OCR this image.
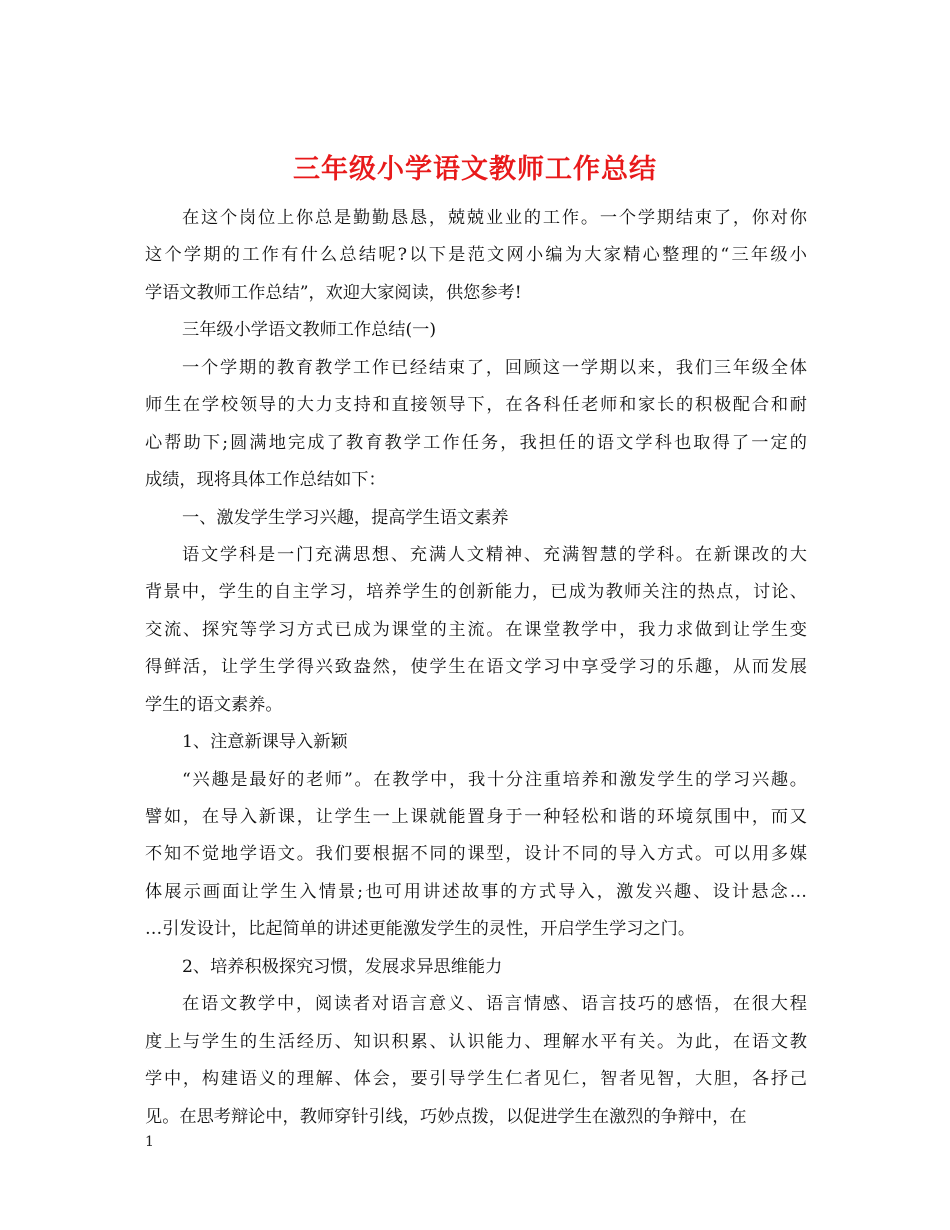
三年级小学语文教师工作总结
在这个岗位上你总是勤勤恳恳，兢兢业业的工作。一个学期结束了，你对你
这个学期的工作有什么总结呢?以下是范文网小编为大家精心整理的“三年级小
学语文教师工作总结”，欢迎大家阅读，供您参考!
三年级小学语文教师工作总结(一)
一个学期的教育教学工作已经结束了，回顾这一学期以来，我们三年级全体
师生在学校领导的大力支持和直接领导下，在各科任老师和家长的积极配合和耐
心帮助下;圆满地完成了教育教学工作任务，我担任的语文学科也取得了一定的
成绩，现将具体工作总结如下：
一、激发学生学习兴趣，提高学生语文素养
语文学科是一门充满思想、充满人文精神、充满智慧的学科。在新课改的大
背景中，学生的自主学习，培养学生的创新能力，已成为教师关注的热点，讨论、
交流、探究等学习方式已成为课堂的主流。在课堂教学中，我力求做到让学生变
得鲜活，让学生学得兴致盎然，使学生在语文学习中享受学习的乐趣，从而发展
学生的语文素养。
1、注意新课导入新颖
“兴趣是最好的老师”。在教学中，我十分注重培养和激发学生的学习兴趣。
譬如，在导入新课，让学生一上课就能置身于一种轻松和谐的环境氛围中，而又
不知不觉地学语文。我们要根据不同的课型，设计不同的导入方式。可以用多媒
体展示画面让学生入情景;也可用讲述故事的方式导入，激发兴趣、设计悬念…
…引发设计，比起简单的讲述更能激发学生的灵性，开启学生学习之门。
2、培养积极探究习惯，发展求异思维能力
在语文教学中，阅读者对语言意义、语言情感、语言技巧的感悟，在很大程
度上与学生的生活经历、知识积累、认识能力、理解水平有关。为此，在语文教
学中，构建语义的理解、体会，要引导学生仁者见仁，智者见智，大胆，各抒己
见。在思考辩论中，教师穿针引线，巧妙点拨，以促进学生在激烈的争辩中，在
1
